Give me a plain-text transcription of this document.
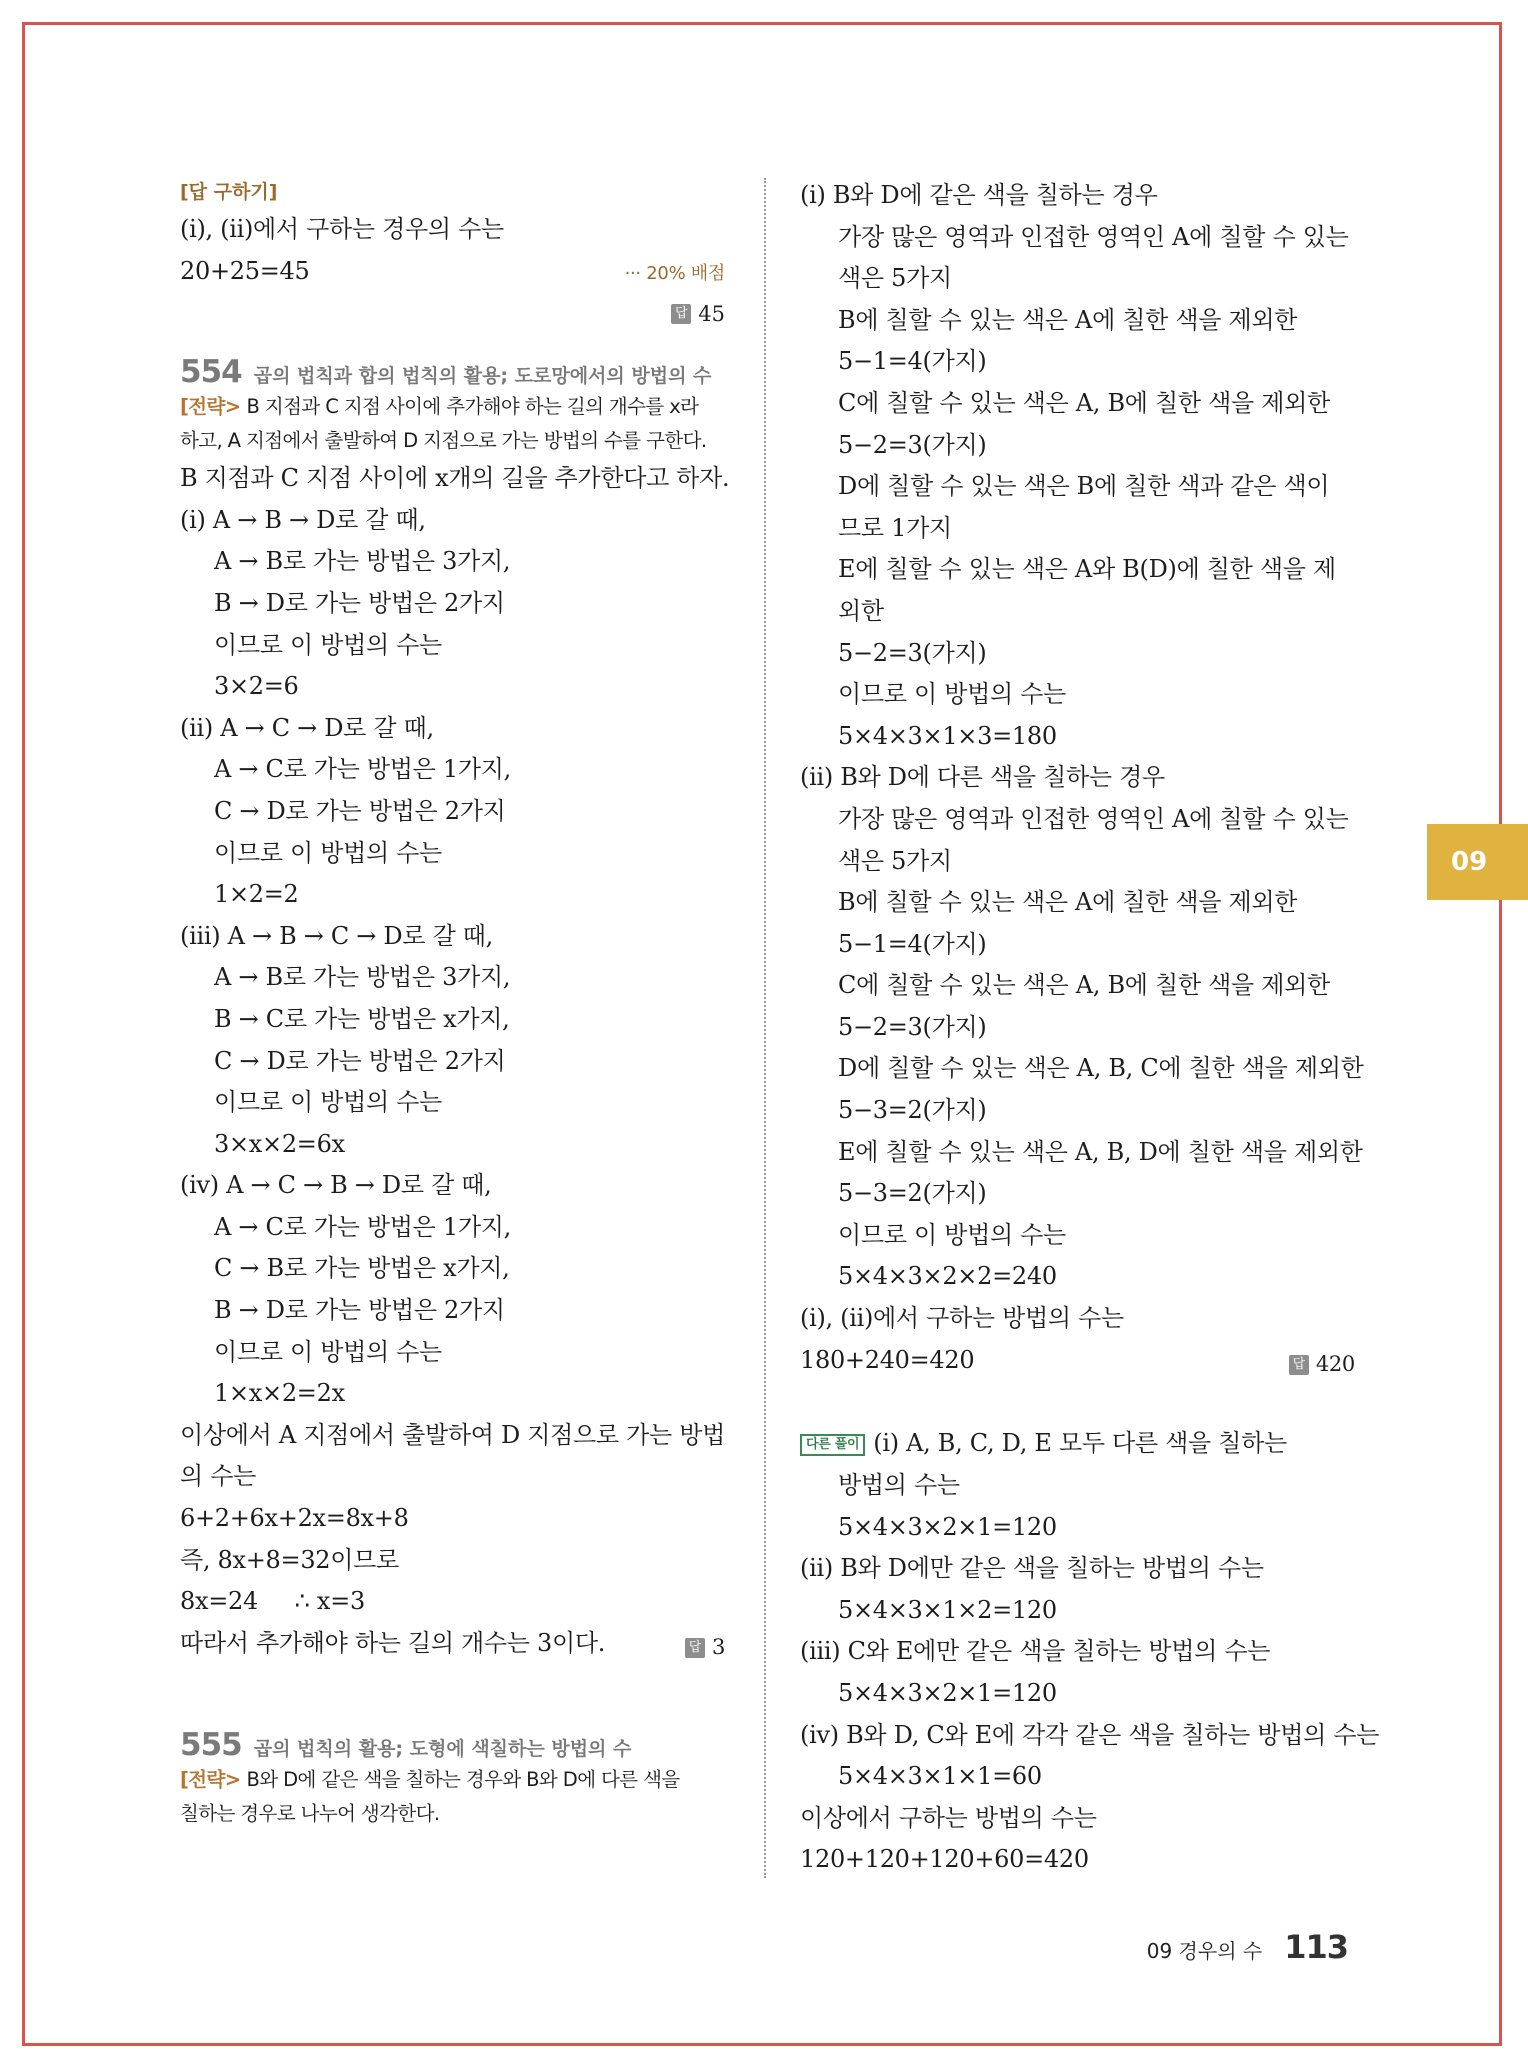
[답 구하기]
(i), (ii)에서 구하는 경우의 수는
20+25=45	··· 20% 배점
답 45
554 곱의 법칙과 합의 법칙의 활용; 도로망에서의 방법의 수
[전략> B 지점과 C 지점 사이에 추가해야 하는 길의 개수를 x라
하고, A 지점에서 출발하여 D 지점으로 가는 방법의 수를 구한다.
B 지점과 C 지점 사이에 x개의 길을 추가한다고 하자.
(i) A → B → D로 갈 때,
A → B로 가는 방법은 3가지,
B → D로 가는 방법은 2가지
이므로 이 방법의 수는
3×2=6
(ii) A → C → D로 갈 때,
A → C로 가는 방법은 1가지,
C → D로 가는 방법은 2가지
이므로 이 방법의 수는
1×2=2
(iii) A → B → C → D로 갈 때,
A → B로 가는 방법은 3가지,
B → C로 가는 방법은 x가지,
C → D로 가는 방법은 2가지
이므로 이 방법의 수는
3×x×2=6x
(iv) A → C → B → D로 갈 때,
A → C로 가는 방법은 1가지,
C → B로 가는 방법은 x가지,
B → D로 가는 방법은 2가지
이므로 이 방법의 수는
1×x×2=2x
이상에서 A 지점에서 출발하여 D 지점으로 가는 방법
의 수는
6+2+6x+2x=8x+8
즉, 8x+8=32이므로
8x=24     ∴ x=3
따라서 추가해야 하는 길의 개수는 3이다.	답 3
555 곱의 법칙의 활용; 도형에 색칠하는 방법의 수
[전략> B와 D에 같은 색을 칠하는 경우와 B와 D에 다른 색을
칠하는 경우로 나누어 생각한다.
(i) B와 D에 같은 색을 칠하는 경우
가장 많은 영역과 인접한 영역인 A에 칠할 수 있는
색은 5가지
B에 칠할 수 있는 색은 A에 칠한 색을 제외한
5−1=4(가지)
C에 칠할 수 있는 색은 A, B에 칠한 색을 제외한
5−2=3(가지)
D에 칠할 수 있는 색은 B에 칠한 색과 같은 색이
므로 1가지
E에 칠할 수 있는 색은 A와 B(D)에 칠한 색을 제
외한
5−2=3(가지)
이므로 이 방법의 수는
5×4×3×1×3=180
(ii) B와 D에 다른 색을 칠하는 경우
가장 많은 영역과 인접한 영역인 A에 칠할 수 있는
색은 5가지
B에 칠할 수 있는 색은 A에 칠한 색을 제외한
5−1=4(가지)
C에 칠할 수 있는 색은 A, B에 칠한 색을 제외한
5−2=3(가지)
D에 칠할 수 있는 색은 A, B, C에 칠한 색을 제외한
5−3=2(가지)
E에 칠할 수 있는 색은 A, B, D에 칠한 색을 제외한
5−3=2(가지)
이므로 이 방법의 수는
5×4×3×2×2=240
(i), (ii)에서 구하는 방법의 수는
180+240=420	답 420
다른 풀이 (i) A, B, C, D, E 모두 다른 색을 칠하는
방법의 수는
5×4×3×2×1=120
(ii) B와 D에만 같은 색을 칠하는 방법의 수는
5×4×3×1×2=120
(iii) C와 E에만 같은 색을 칠하는 방법의 수는
5×4×3×2×1=120
(iv) B와 D, C와 E에 각각 같은 색을 칠하는 방법의 수는
5×4×3×1×1=60
이상에서 구하는 방법의 수는
120+120+120+60=420
09
09 경우의 수 113
